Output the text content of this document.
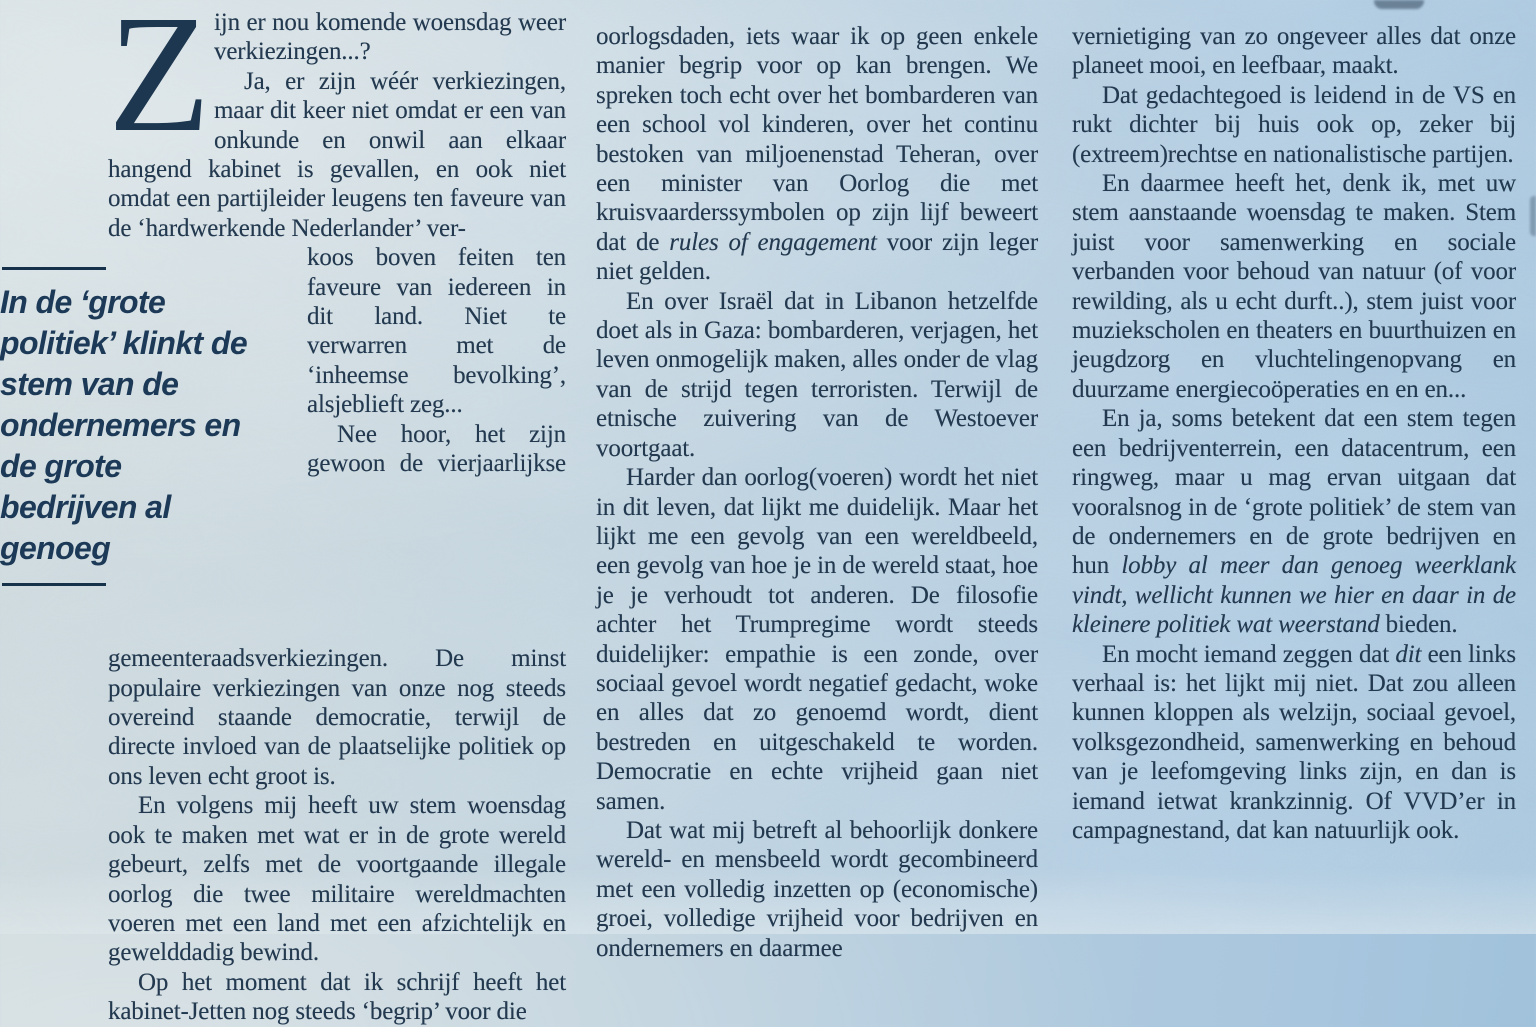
Z ijn er nou komende woensdag weer verkiezingen...?

Ja, er zijn wéér verkiezingen, maar dit keer niet omdat er een van onkunde en onwil aan elkaar hangend kabinet is gevallen, en ook niet omdat een partijleider leugens ten faveure van de ‘hardwerkende Nederlander’ ver-

In de ‘grote politiek’ klinkt de stem van de ondernemers en de grote bedrijven al genoeg

koos boven feiten ten faveure van iedereen in dit land. Niet te verwarren met de ‘inheemse bevolking’, alsjeblieft zeg...

Nee hoor, het zijn gewoon de vierjaarlijkse gemeenteraadsverkiezingen. De minst populaire verkiezingen van onze nog steeds overeind staande democratie, terwijl de directe invloed van de plaatselijke politiek op ons leven echt groot is.

En volgens mij heeft uw stem woensdag ook te maken met wat er in de grote wereld gebeurt, zelfs met de voortgaande illegale oorlog die twee militaire wereldmachten voeren met een land met een afzichtelijk en gewelddadig bewind.

Op het moment dat ik schrijf heeft het kabinet-Jetten nog steeds ‘begrip’ voor die

oorlogsdaden, iets waar ik op geen enkele manier begrip voor op kan brengen. We spreken toch echt over het bombarderen van een school vol kinderen, over het continu bestoken van miljoenenstad Teheran, over een minister van Oorlog die met kruisvaarderssymbolen op zijn lijf beweert dat de rules of engagement voor zijn leger niet gelden.

En over Israël dat in Libanon hetzelfde doet als in Gaza: bombarderen, verjagen, het leven onmogelijk maken, alles onder de vlag van de strijd tegen terroristen. Terwijl de etnische zuivering van de Westoever voortgaat.

Harder dan oorlog(voeren) wordt het niet in dit leven, dat lijkt me duidelijk. Maar het lijkt me een gevolg van een wereldbeeld, een gevolg van hoe je in de wereld staat, hoe je je verhoudt tot anderen. De filosofie achter het Trumpregime wordt steeds duidelijker: empathie is een zonde, over sociaal gevoel wordt negatief gedacht, woke en alles dat zo genoemd wordt, dient bestreden en uitgeschakeld te worden. Democratie en echte vrijheid gaan niet samen.

Dat wat mij betreft al behoorlijk donkere wereld- en mensbeeld wordt gecombineerd met een volledig inzetten op (economische) groei, volledige vrijheid voor bedrijven en ondernemers en daarmee

vernietiging van zo ongeveer alles dat onze planeet mooi, en leefbaar, maakt.

Dat gedachtegoed is leidend in de VS en rukt dichter bij huis ook op, zeker bij (extreem)rechtse en nationalistische partijen.

En daarmee heeft het, denk ik, met uw stem aanstaande woensdag te maken. Stem juist voor samenwerking en sociale verbanden voor behoud van natuur (of voor rewilding, als u echt durft..), stem juist voor muziekscholen en theaters en buurthuizen en jeugdzorg en vluchtelingenopvang en duurzame energiecoöperaties en en en...

En ja, soms betekent dat een stem tegen een bedrijventerrein, een datacentrum, een ringweg, maar u mag ervan uitgaan dat vooralsnog in de ‘grote politiek’ de stem van de ondernemers en de grote bedrijven en hun lobby al meer dan genoeg weerklank vindt, wellicht kunnen we hier en daar in de kleinere politiek wat weerstand bieden.

En mocht iemand zeggen dat dit een links verhaal is: het lijkt mij niet. Dat zou alleen kunnen kloppen als welzijn, sociaal gevoel, volksgezondheid, samenwerking en behoud van je leefomgeving links zijn, en dan is iemand ietwat krankzinnig. Of VVD’er in campagnestand, dat kan natuurlijk ook.
